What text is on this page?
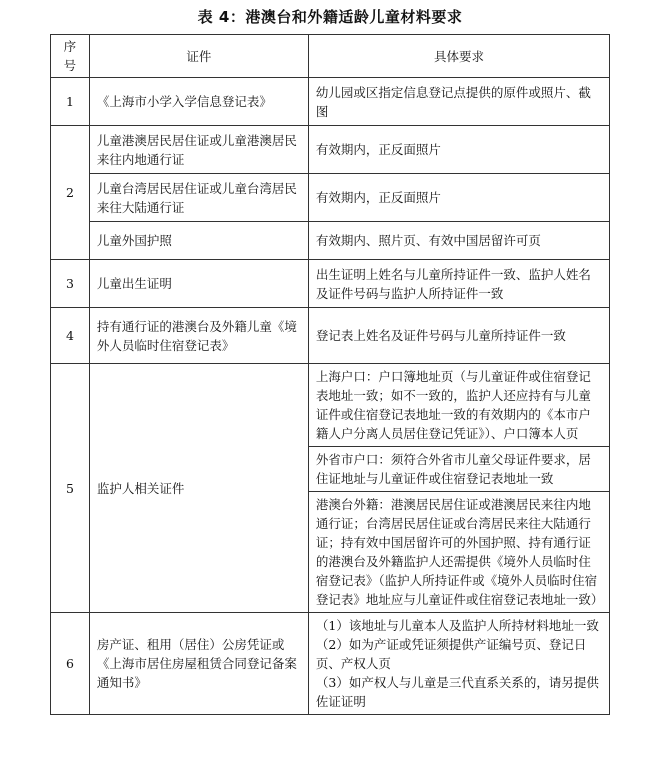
表 4：港澳台和外籍适龄儿童材料要求
序号	证件	具体要求
1	《上海市小学入学信息登记表》	幼儿园或区指定信息登记点提供的原件或照片、截图
2	儿童港澳居民居住证或儿童港澳居民来往内地通行证	有效期内，正反面照片
	儿童台湾居民居住证或儿童台湾居民来往大陆通行证	有效期内，正反面照片
	儿童外国护照	有效期内、照片页、有效中国居留许可页
3	儿童出生证明	出生证明上姓名与儿童所持证件一致、监护人姓名及证件号码与监护人所持证件一致
4	持有通行证的港澳台及外籍儿童《境外人员临时住宿登记表》	登记表上姓名及证件号码与儿童所持证件一致
5	监护人相关证件	上海户口：户口簿地址页（与儿童证件或住宿登记表地址一致；如不一致的，监护人还应持有与儿童证件或住宿登记表地址一致的有效期内的《本市户籍人户分离人员居住登记凭证》）、户口簿本人页
		外省市户口：须符合外省市儿童父母证件要求，居住证地址与儿童证件或住宿登记表地址一致
		港澳台外籍：港澳居民居住证或港澳居民来往内地通行证；台湾居民居住证或台湾居民来往大陆通行证；持有效中国居留许可的外国护照、持有通行证的港澳台及外籍监护人还需提供《境外人员临时住宿登记表》（监护人所持证件或《境外人员临时住宿登记表》地址应与儿童证件或住宿登记表地址一致）
6	房产证、租用（居住）公房凭证或《上海市居住房屋租赁合同登记备案通知书》	（1）该地址与儿童本人及监护人所持材料地址一致
（2）如为产证或凭证须提供产证编号页、登记日页、产权人页
（3）如产权人与儿童是三代直系关系的，请另提供佐证证明
